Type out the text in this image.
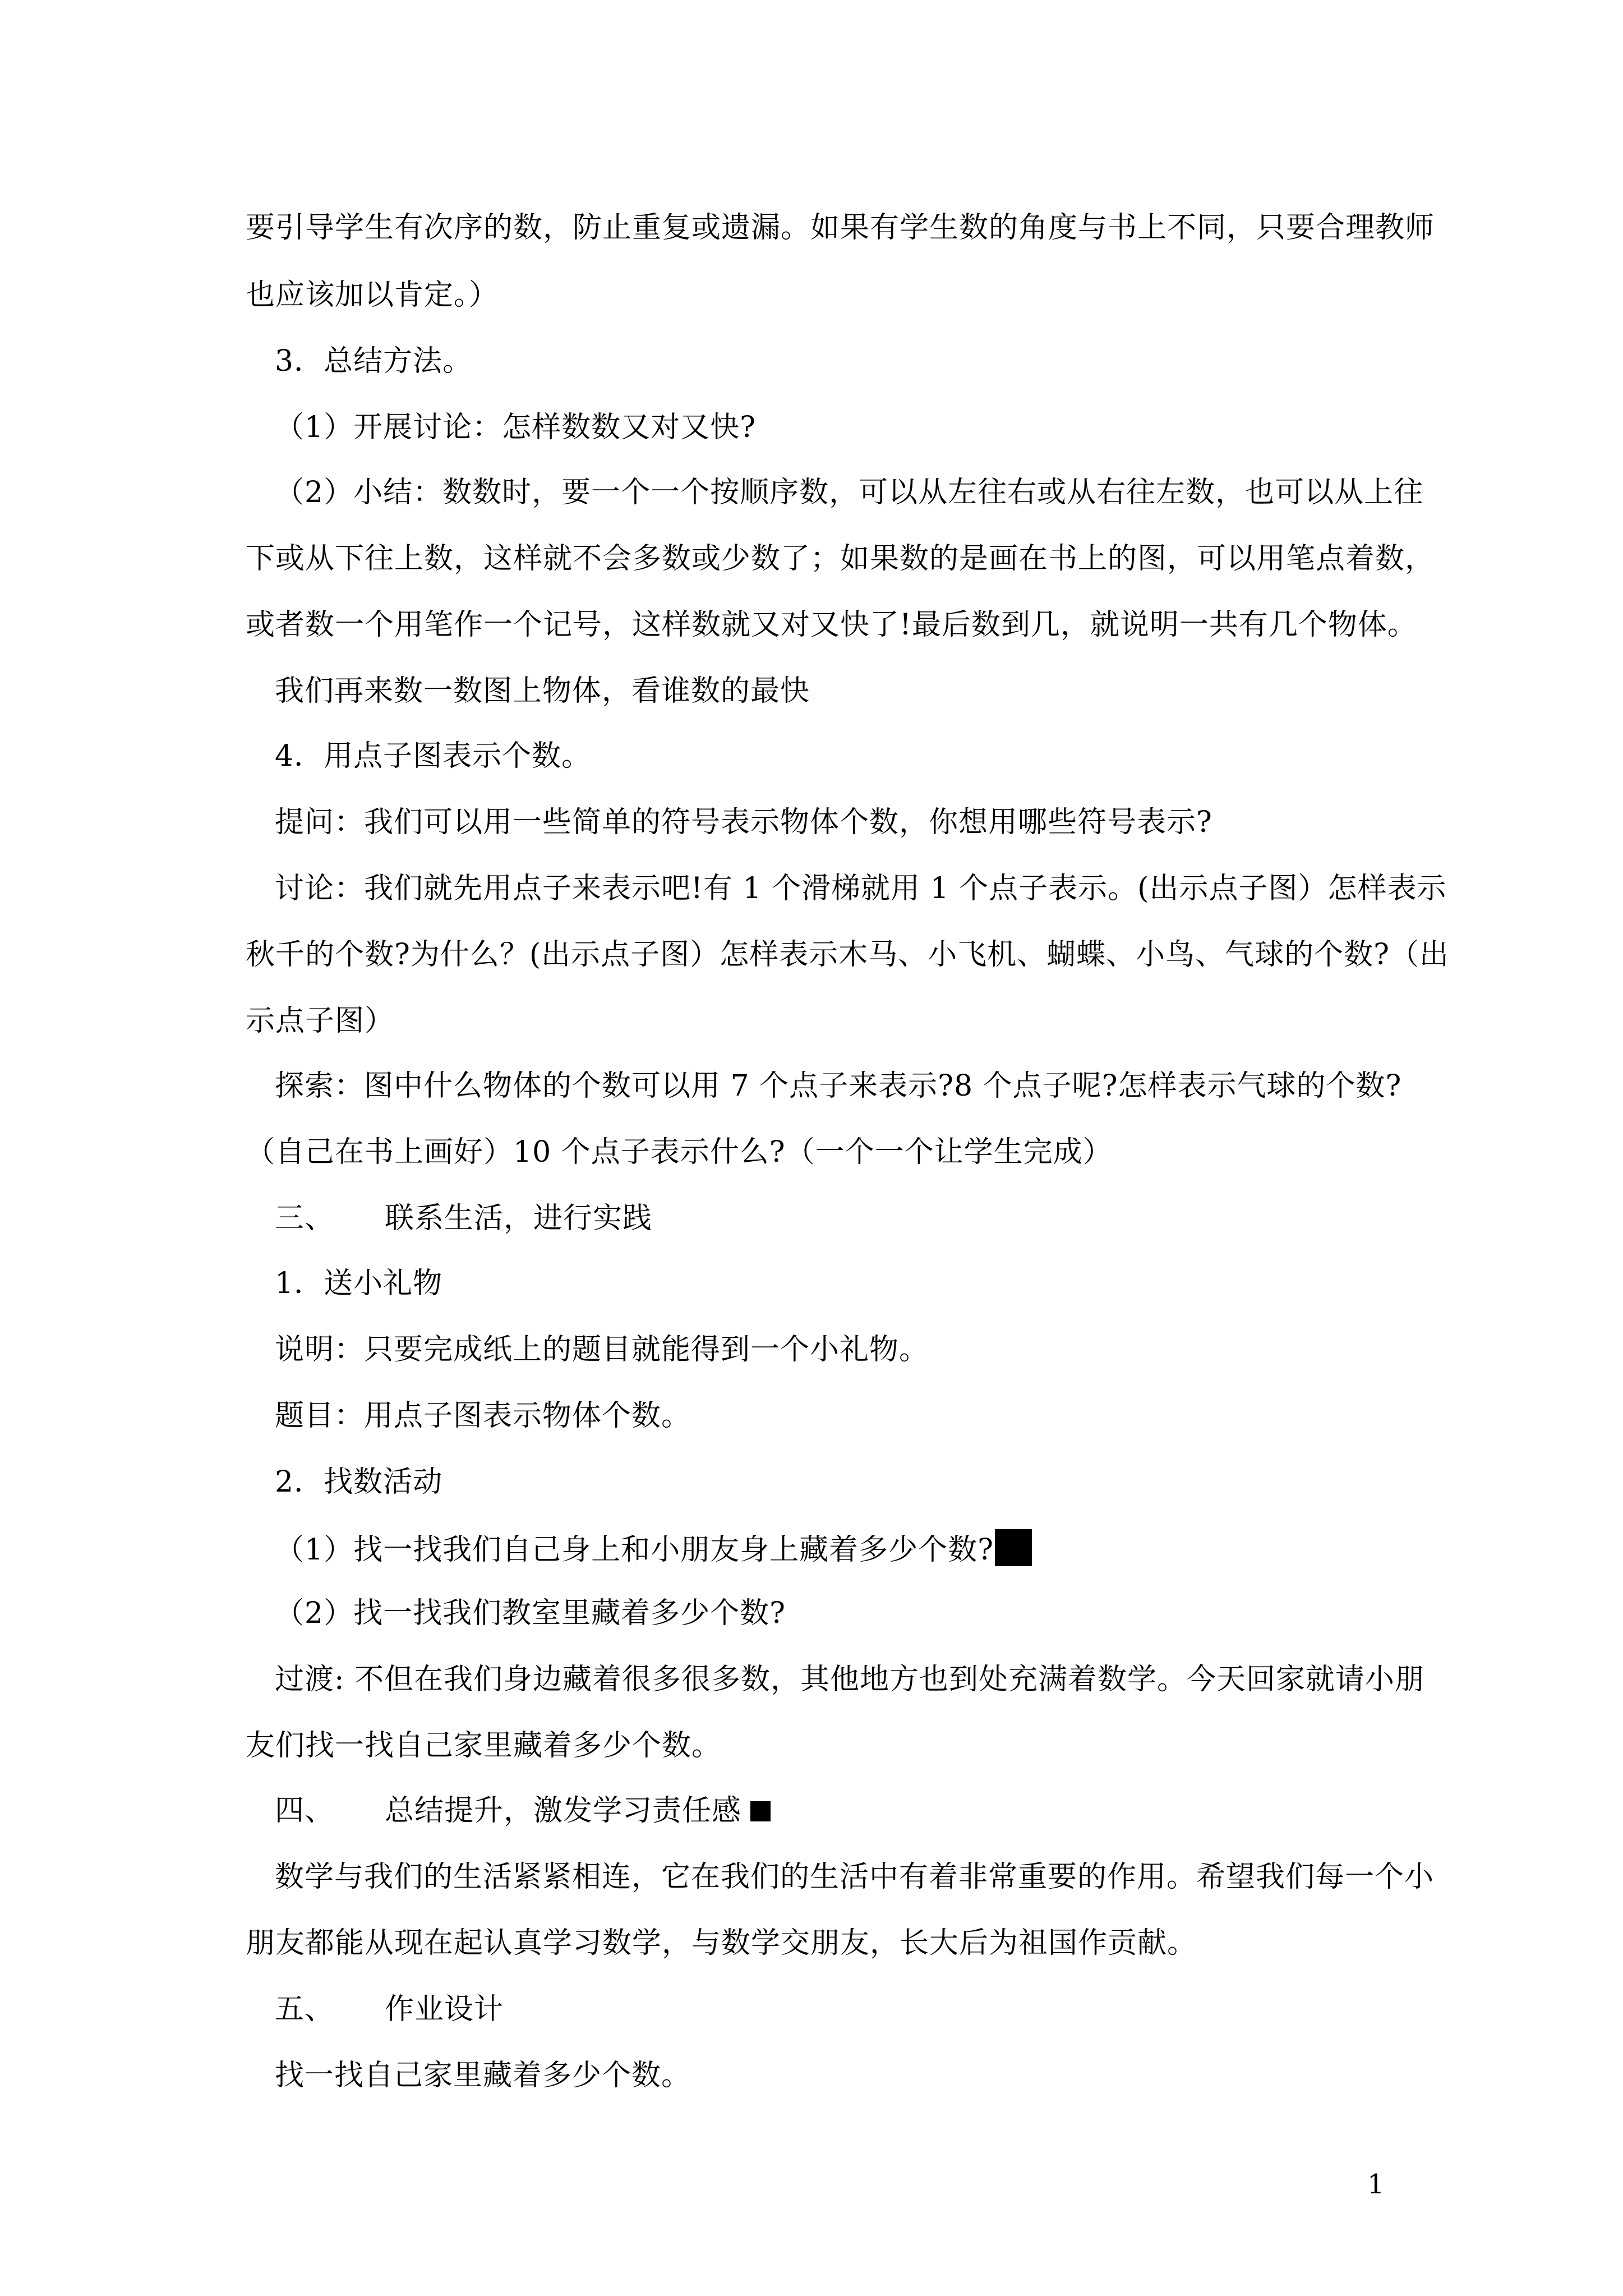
要引导学生有次序的数，防止重复或遗漏。如果有学生数的角度与书上不同，只要合理教师
也应该加以肯定。）
3．总结方法。
（1）开展讨论：怎样数数又对又快?
（2）小结：数数时，要一个一个按顺序数，可以从左往右或从右往左数，也可以从上往
下或从下往上数，这样就不会多数或少数了；如果数的是画在书上的图，可以用笔点着数，
或者数一个用笔作一个记号，这样数就又对又快了!最后数到几，就说明一共有几个物体。
我们再来数一数图上物体，看谁数的最快
4．用点子图表示个数。
提问：我们可以用一些简单的符号表示物体个数，你想用哪些符号表示?
讨论：我们就先用点子来表示吧!有 1 个滑梯就用 1 个点子表示。(出示点子图）怎样表示
秋千的个数?为什么？(出示点子图）怎样表示木马、小飞机、蝴蝶、小鸟、气球的个数?（出
示点子图）
探索：图中什么物体的个数可以用 7 个点子来表示?8 个点子呢?怎样表示气球的个数?
（自己在书上画好）10 个点子表示什么?（一个一个让学生完成）
三、 联系生活，进行实践
1．送小礼物
说明：只要完成纸上的题目就能得到一个小礼物。
题目：用点子图表示物体个数。
2．找数活动
（1）找一找我们自己身上和小朋友身上藏着多少个数?
（2）找一找我们教室里藏着多少个数?
过渡: 不但在我们身边藏着很多很多数，其他地方也到处充满着数学。今天回家就请小朋
友们找一找自己家里藏着多少个数。
四、 总结提升，激发学习责任感
数学与我们的生活紧紧相连，它在我们的生活中有着非常重要的作用。希望我们每一个小
朋友都能从现在起认真学习数学，与数学交朋友，长大后为祖国作贡献。
五、 作业设计
找一找自己家里藏着多少个数。
1
